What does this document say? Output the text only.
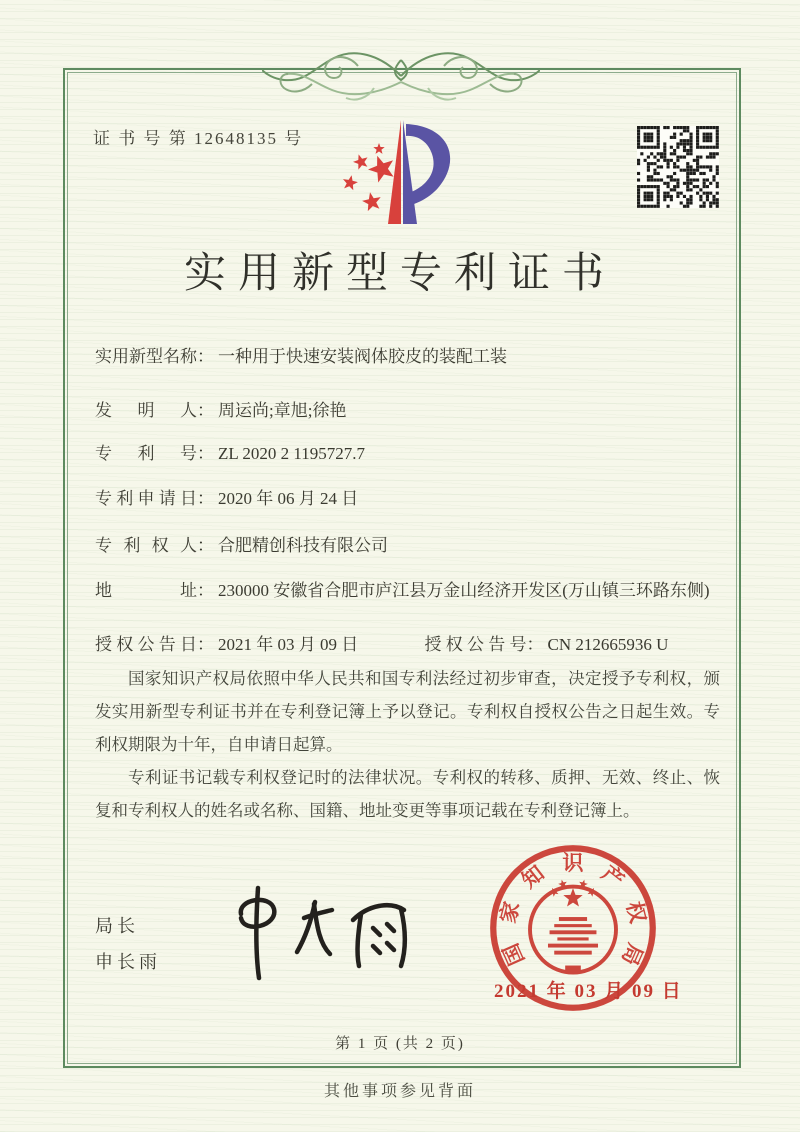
证 书 号 第 12648135 号
实用新型专利证书
实用新型名称： 一种用于快速安装阀体胶皮的装配工装
发明人： 周运尚;章旭;徐艳
专利号： ZL 2020 2 1195727.7
专利申请日： 2020 年 06 月 24 日
专利权人： 合肥精创科技有限公司
地址： 230000 安徽省合肥市庐江县万金山经济开发区(万山镇三环路东侧)
授权公告日： 2021 年 03 月 09 日	授权公告号： CN 212665936 U

国家知识产权局依照中华人民共和国专利法经过初步审查，决定授予专利权，颁发实用新型专利证书并在专利登记簿上予以登记。专利权自授权公告之日起生效。专利权期限为十年，自申请日起算。

专利证书记载专利权登记时的法律状况。专利权的转移、质押、无效、终止、恢复和专利权人的姓名或名称、国籍、地址变更等事项记载在专利登记簿上。

局长
申长雨	国
家
知 识 产
权
局
2021 年 03 月 09 日
第 1 页 (共 2 页)
其他事项参见背面
